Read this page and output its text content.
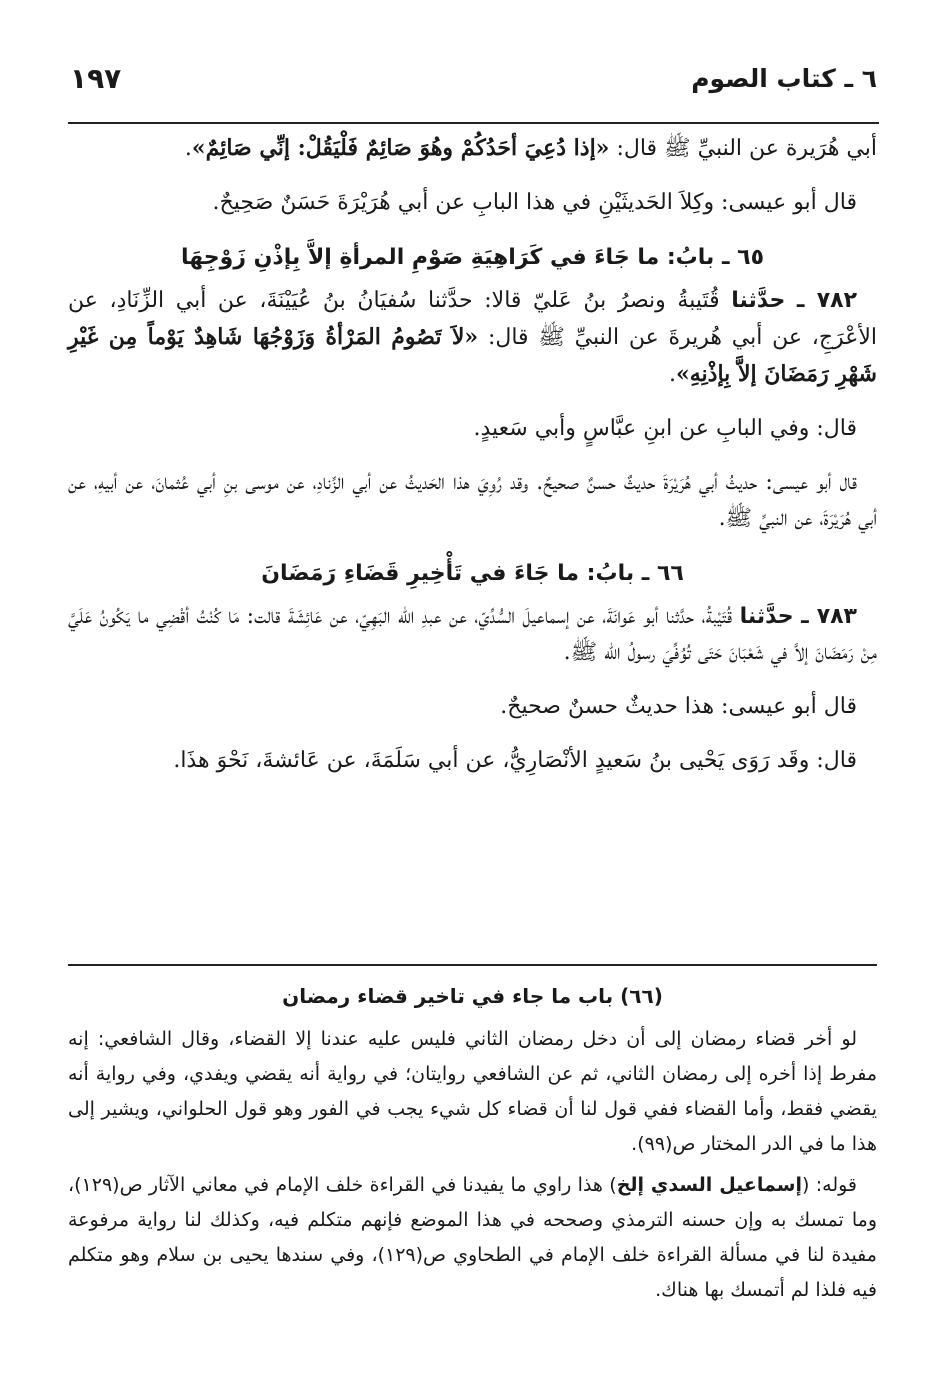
٦ ـ كتاب الصوم
١٩٧

أبي هُرَيرة عن النبيِّ ﷺ قال: «إذا دُعِيَ أحَدُكُمْ وهُوَ صَائِمٌ فَلْيَقُلْ: إنِّي صَائِمٌ».

قال أبو عيسى: وكِلاَ الحَديثَيْنِ في هذا البابِ عن أبي هُرَيْرَةَ حَسَنٌ صَحِيحٌ.

٦٥ ـ بابُ: ما جَاءَ في كَرَاهِيَةِ صَوْمِ المرأةِ إلاَّ بِإذْنِ زَوْجِهَا

٧٨٢ ـ حدَّثنا قُتَيبةُ ونصرُ بنُ عَليّ قالا: حدَّثنا سُفيَانُ بنُ عُيَيْنَةَ، عن أبي الزِّنَادِ، عن الأعْرَجِ، عن أبي هُريرةَ عن النبيِّ ﷺ قال: «لاَ تَصُومُ المَرْأةُ وَزَوْجُهَا شَاهِدٌ يَوْماً مِن غَيْرِ شَهْرِ رَمَضَانَ إلاَّ بِإذْنِهِ».

قال: وفي البابِ عن ابنِ عبَّاسٍ وأبي سَعيدٍ.

قال أبو عيسى: حديثُ أبي هُرَيْرَةَ حديثٌ حسنٌ صحيحٌ. وقد رُوِيَ هذا الحَديثُ عن أبي الزِّنادِ، عن موسى بنِ أبي عُثمانَ، عن أبيهِ، عن أبي هُرَيْرَةَ، عن النبيِّ ﷺ.

٦٦ ـ بابُ: ما جَاءَ في تَأْخِيرِ قَضَاءِ رَمَضَانَ

٧٨٣ ـ حدَّثنا قُتَيْبةُ، حدَّثنا أبو عَوانَةَ، عن إسماعيلَ السُّدِّيّ، عن عبدِ الله البَهِيّ، عن عَائِشَةَ قالت: مَا كُنْتُ أقْضِي ما يَكُونُ عَلَيَّ مِنْ رَمَضَانَ إلاَّ في شَعْبَانَ حَتَى تُوُفِّيَ رسولُ الله ﷺ.

قال أبو عيسى: هذا حديثٌ حسنٌ صحيحٌ.

قال: وقَد رَوَى يَحْيى بنُ سَعيدٍ الأنْصَارِيُّ، عن أبي سَلَمَةَ، عن عَائشةَ، نَحْوَ هذَا.

(٦٦) باب ما جاء في تاخير قضاء رمضان

لو أخر قضاء رمضان إلى أن دخل رمضان الثاني فليس عليه عندنا إلا القضاء، وقال الشافعي: إنه مفرط إذا أخره إلى رمضان الثاني، ثم عن الشافعي روايتان؛ في رواية أنه يقضي ويفدي، وفي رواية أنه يقضي فقط، وأما القضاء ففي قول لنا أن قضاء كل شيء يجب في الفور وهو قول الحلواني، ويشير إلى هذا ما في الدر المختار ص(٩٩).

قوله: (إسماعيل السدي إلخ) هذا راوي ما يفيدنا في القراءة خلف الإمام في معاني الآثار ص(١٢٩)، وما تمسك به وإن حسنه الترمذي وصححه في هذا الموضع فإنهم متكلم فيه، وكذلك لنا رواية مرفوعة مفيدة لنا في مسألة القراءة خلف الإمام في الطحاوي ص(١٢٩)، وفي سندها يحيى بن سلام وهو متكلم فيه فلذا لم أتمسك بها هناك.
